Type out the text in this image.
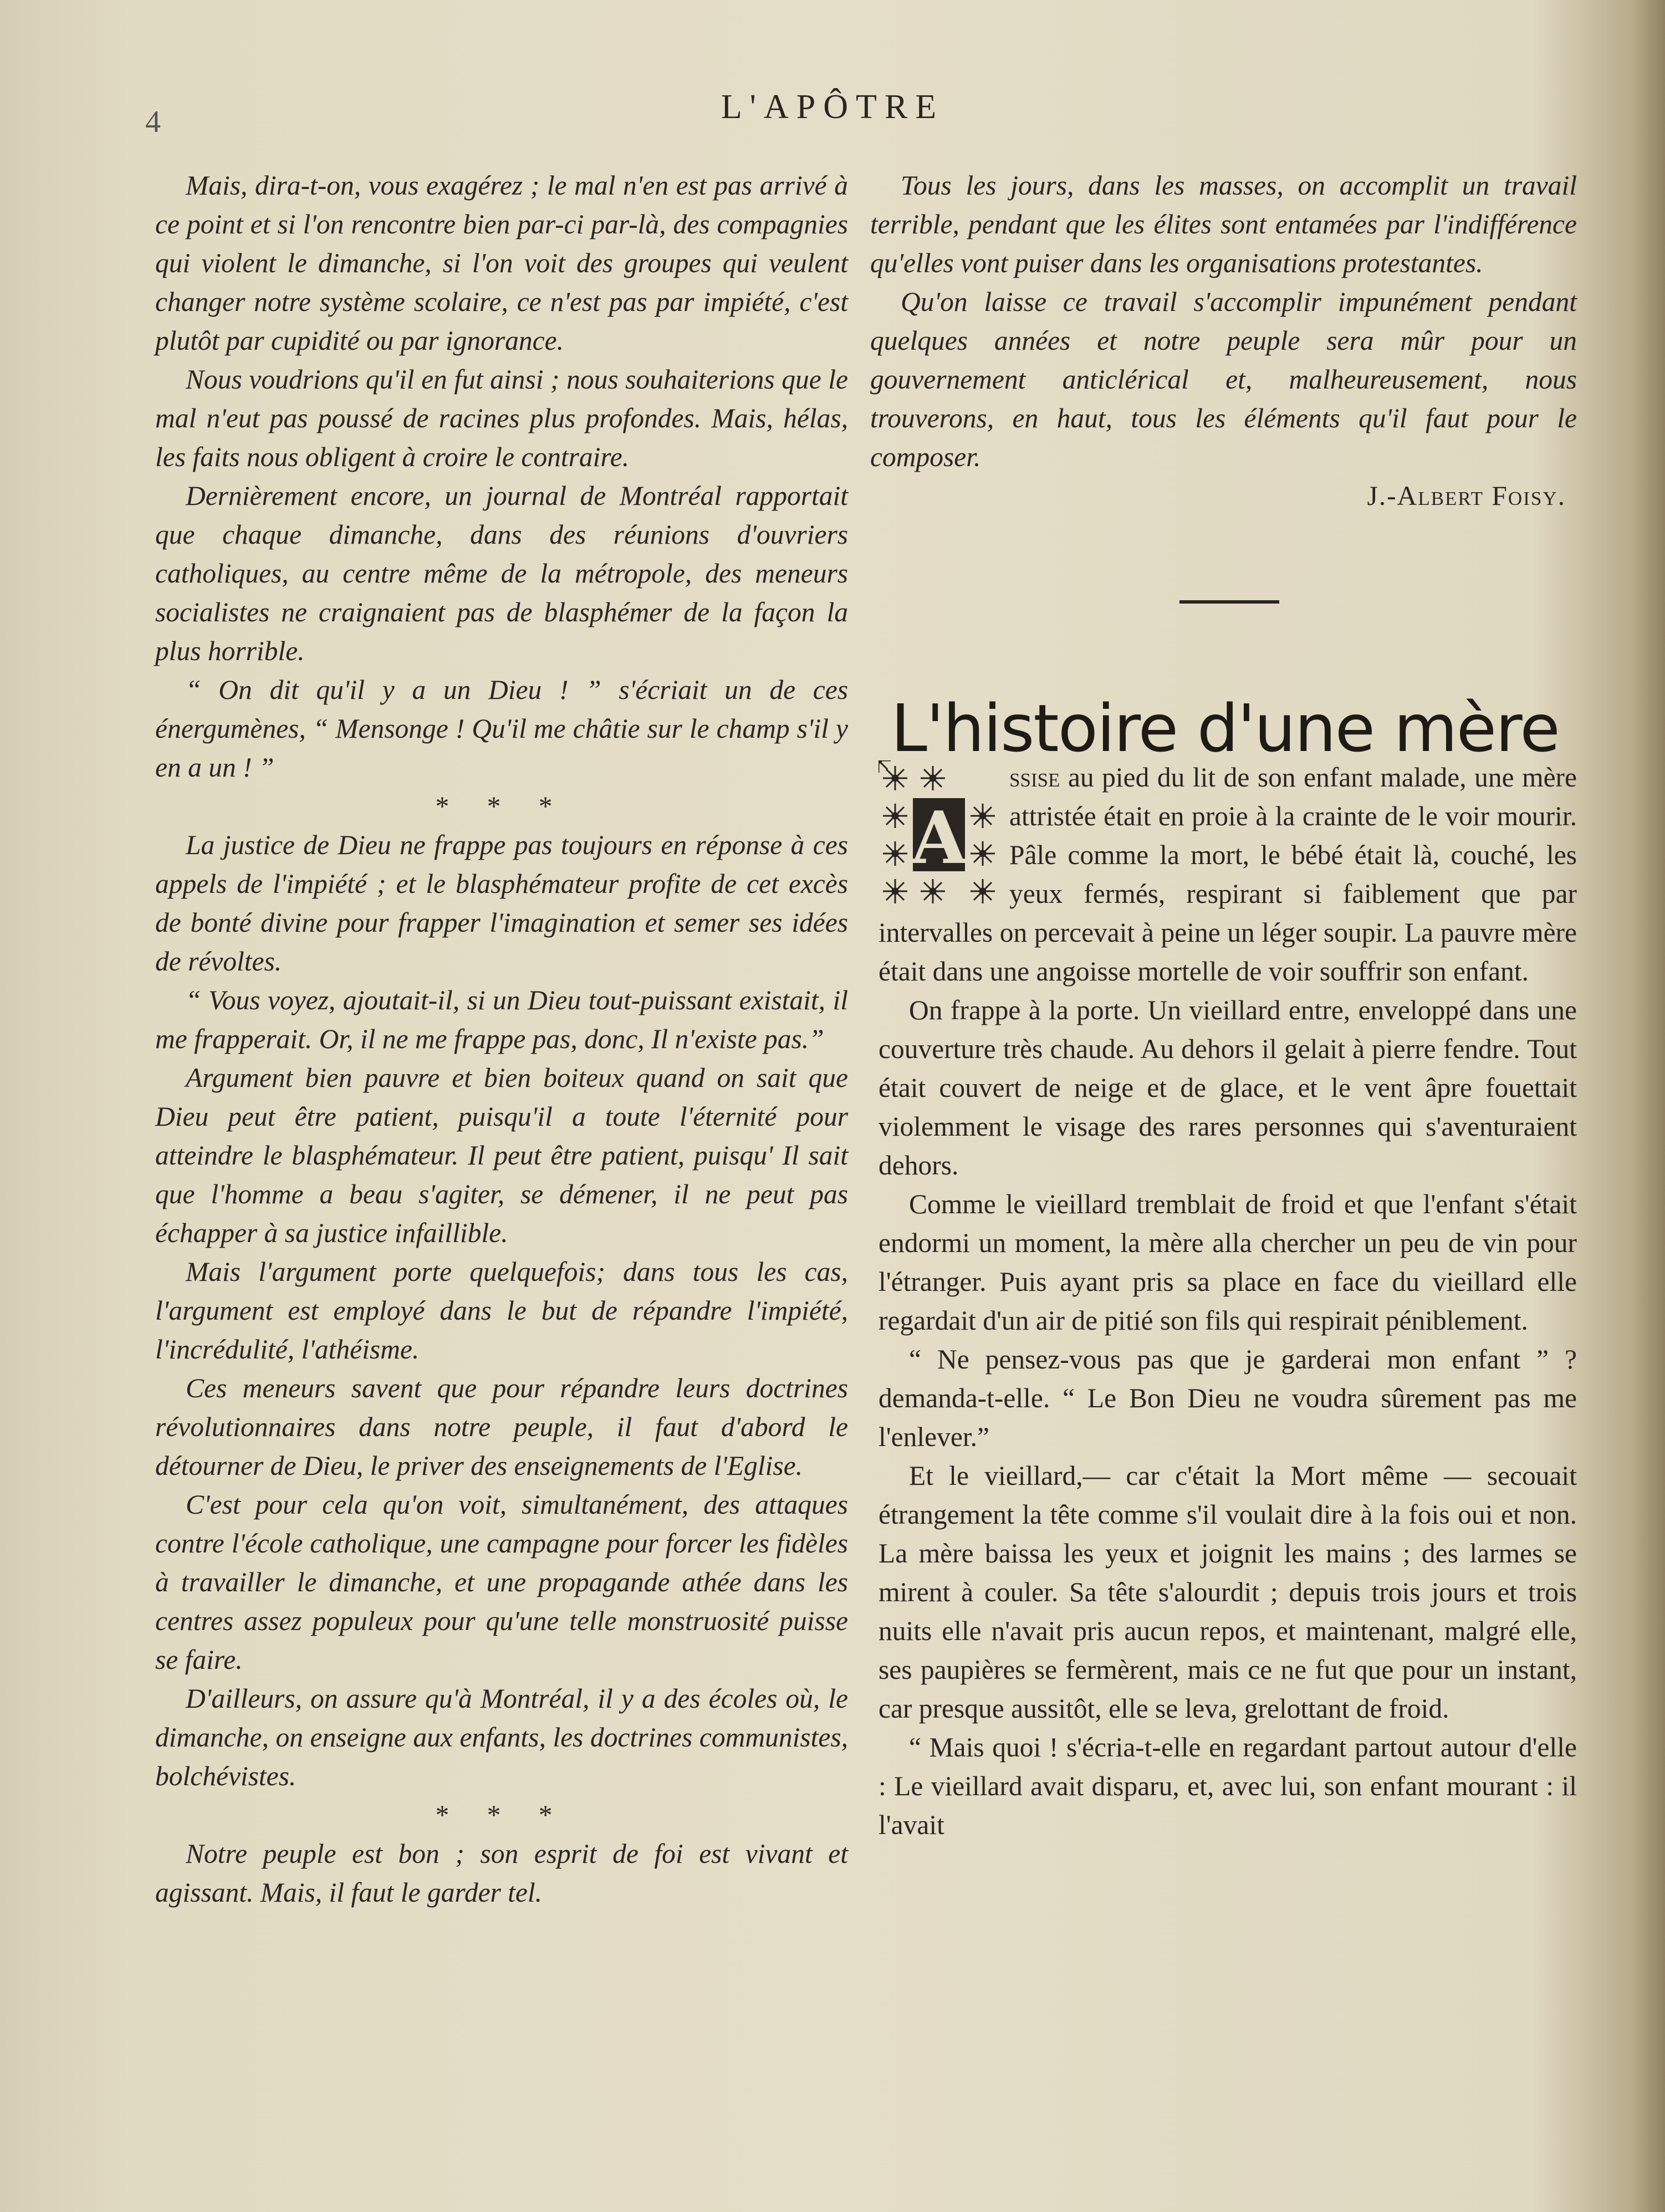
4	L'APÔTRE

Mais, dira-t-on, vous exagérez ; le mal n'en est pas arrivé à ce point et si l'on rencontre bien par-ci par-là, des compagnies qui violent le dimanche, si l'on voit des groupes qui veulent changer notre système scolaire, ce n'est pas par impiété, c'est plutôt par cupidité ou par ignorance.

Nous voudrions qu'il en fut ainsi ; nous souhaiterions que le mal n'eut pas poussé de racines plus profondes. Mais, hélas, les faits nous obligent à croire le contraire.

Dernièrement encore, un journal de Montréal rapportait que chaque dimanche, dans des réunions d'ouvriers catholiques, au centre même de la métropole, des meneurs socialistes ne craignaient pas de blasphémer de la façon la plus horrible.

“ On dit qu'il y a un Dieu ! ” s'écriait un de ces énergumènes, “ Mensonge ! Qu'il me châtie sur le champ s'il y en a un ! ”

* * *

La justice de Dieu ne frappe pas toujours en réponse à ces appels de l'impiété ; et le blasphémateur profite de cet excès de bonté divine pour frapper l'imagination et semer ses idées de révoltes.

“ Vous voyez, ajoutait-il, si un Dieu tout-puissant existait, il me frapperait. Or, il ne me frappe pas, donc, Il n'existe pas.”

Argument bien pauvre et bien boiteux quand on sait que Dieu peut être patient, puisqu'il a toute l'éternité pour atteindre le blasphémateur. Il peut être patient, puisqu' Il sait que l'homme a beau s'agiter, se démener, il ne peut pas échapper à sa justice infaillible.

Mais l'argument porte quelquefois; dans tous les cas, l'argument est employé dans le but de répandre l'impiété, l'incrédulité, l'athéisme.

Ces meneurs savent que pour répandre leurs doctrines révolutionnaires dans notre peuple, il faut d'abord le détourner de Dieu, le priver des enseignements de l'Eglise.

C'est pour cela qu'on voit, simultanément, des attaques contre l'école catholique, une campagne pour forcer les fidèles à travailler le dimanche, et une propagande athée dans les centres assez populeux pour qu'une telle monstruosité puisse se faire.

D'ailleurs, on assure qu'à Montréal, il y a des écoles où, le dimanche, on enseigne aux enfants, les doctrines communistes, bolchévistes.

* * *

Notre peuple est bon ; son esprit de foi est vivant et agissant. Mais, il faut le garder tel.

Tous les jours, dans les masses, on accomplit un travail terrible, pendant que les élites sont entamées par l'indifférence qu'elles vont puiser dans les organisations protestantes.

Qu'on laisse ce travail s'accomplir impunément pendant quelques années et notre peuple sera mûr pour un gouvernement anticlérical et, malheureusement, nous trouverons, en haut, tous les éléments qu'il faut pour le composer.

J.-Albert Foisy.

L'histoire d'une mère

A
ssise au pied du lit de son enfant malade, une mère attristée était en proie à la crainte de le voir mourir. Pâle comme la mort, le bébé était là, couché, les yeux fermés, respirant si faiblement que par intervalles on percevait à peine un léger soupir. La pauvre mère était dans une angoisse mortelle de voir souffrir son enfant.

On frappe à la porte. Un vieillard entre, enveloppé dans une couverture très chaude. Au dehors il gelait à pierre fendre. Tout était couvert de neige et de glace, et le vent âpre fouettait violemment le visage des rares personnes qui s'aventuraient dehors.

Comme le vieillard tremblait de froid et que l'enfant s'était endormi un moment, la mère alla chercher un peu de vin pour l'étranger. Puis ayant pris sa place en face du vieillard elle regardait d'un air de pitié son fils qui respirait péniblement.

“ Ne pensez-vous pas que je garderai mon enfant ” ? demanda-t-elle. “ Le Bon Dieu ne voudra sûrement pas me l'enlever.”

Et le vieillard,— car c'était la Mort même — secouait étrangement la tête comme s'il voulait dire à la fois oui et non. La mère baissa les yeux et joignit les mains ; des larmes se mirent à couler. Sa tête s'alourdit ; depuis trois jours et trois nuits elle n'avait pris aucun repos, et maintenant, malgré elle, ses paupières se fermèrent, mais ce ne fut que pour un instant, car presque aussitôt, elle se leva, grelottant de froid.

“ Mais quoi ! s'écria-t-elle en regardant partout autour d'elle : Le vieillard avait disparu, et, avec lui, son enfant mourant : il l'avait
